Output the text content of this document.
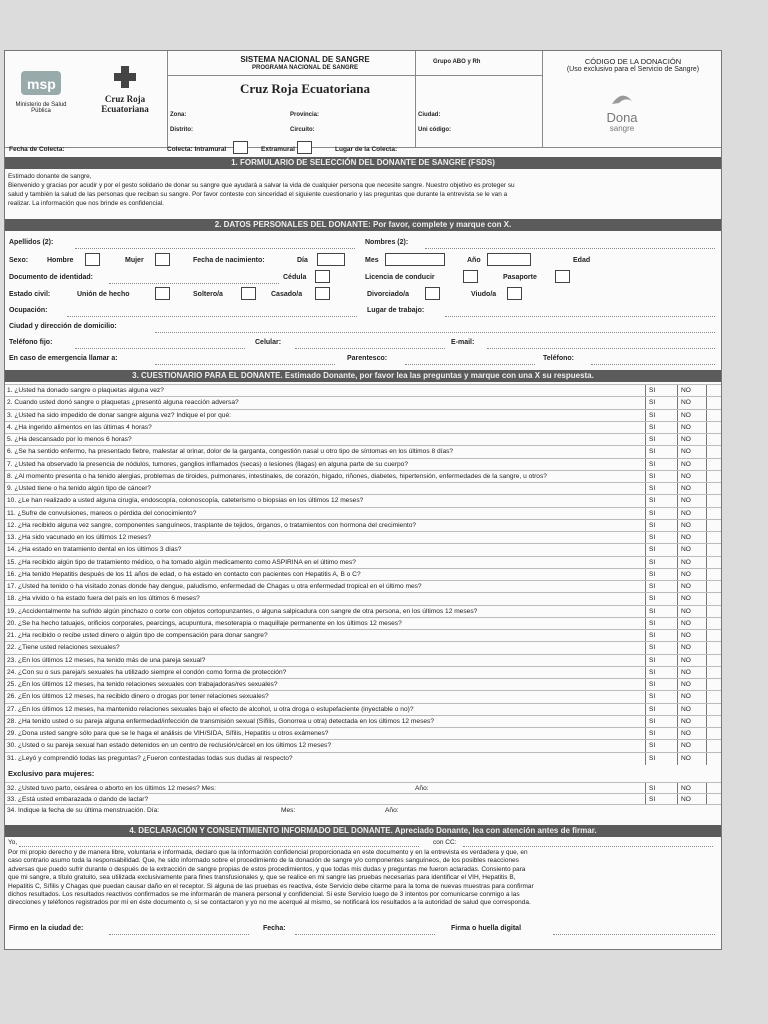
msp
Ministerio de Salud Pública
Cruz Roja Ecuatoriana
SISTEMA NACIONAL DE SANGRE
PROGRAMA NACIONAL DE SANGRE
Grupo ABO y Rh
Cruz Roja Ecuatoriana
CÓDIGO DE LA DONACIÓN
(Uso exclusivo para el Servicio de Sangre)
Dona
sangre
Zona:	Provincia:	Ciudad:
Distrito:	Circuito:	Uni código:
Fecha de Colecta:	Colecta: Intramural	Extramural	Lugar de la Colecta:
1. FORMULARIO DE SELECCIÓN DEL DONANTE DE SANGRE (FSDS)
Estimado donante de sangre,
Bienvenido y gracias por acudir y por el gesto solidario de donar su sangre que ayudará a salvar la vida de cualquier persona que necesite sangre. Nuestro objetivo es proteger su
salud y también la salud de las personas que reciban su sangre. Por favor conteste con sinceridad el siguiente cuestionario y las preguntas que durante la entrevista se le van a
realizar. La información que nos brinde es confidencial.
2. DATOS PERSONALES DEL DONANTE: Por favor, complete y marque con X.
Apellidos (2):	Nombres (2):
Sexo:	Hombre	Mujer	Fecha de nacimiento:	Día	Mes	Año	Edad
Documento de identidad:	Cédula	Licencia de conducir	Pasaporte
Estado civil:	Unión de hecho	Soltero/a	Casado/a	Divorciado/a	Viudo/a
Ocupación:	Lugar de trabajo:
Ciudad y dirección de domicilio:
Teléfono fijo:	Celular:	E-mail:
En caso de emergencia llamar a:	Parentesco:	Teléfono:
3. CUESTIONARIO PARA EL DONANTE. Estimado Donante, por favor lea las preguntas y marque con una X su respuesta.
1. ¿Usted ha donado sangre o plaquetas alguna vez?	SI	NO
2. Cuando usted donó sangre o plaquetas ¿presentó alguna reacción adversa?	SI	NO
3. ¿Usted ha sido impedido de donar sangre alguna vez? Indique el por qué:	SI	NO
4. ¿Ha ingerido alimentos en las últimas 4 horas?	SI	NO
5. ¿Ha descansado por lo menos 6 horas?	SI	NO
6. ¿Se ha sentido enfermo, ha presentado fiebre, malestar al orinar, dolor de la garganta, congestión nasal u otro tipo de síntomas en los últimos 8 días?	SI	NO
7. ¿Usted ha observado la presencia de nódulos, tumores, ganglios inflamados (secas) o lesiones (llagas) en alguna parte de su cuerpo?	SI	NO
8. ¿Al momento presenta o ha tenido alergias, problemas de tiroides, pulmonares, intestinales, de corazón, hígado, riñones, diabetes, hipertensión, enfermedades de la sangre, u otros?	SI	NO
9. ¿Usted tiene o ha tenido algún tipo de cáncer?	SI	NO
10. ¿Le han realizado a usted alguna cirugía, endoscopía, colonoscopía, cateterismo o biopsias en los últimos 12 meses?	SI	NO
11. ¿Sufre de convulsiones, mareos o pérdida del conocimiento?	SI	NO
12. ¿Ha recibido alguna vez sangre, componentes sanguíneos, trasplante de tejidos, órganos, o tratamientos con hormona del crecimiento?	SI	NO
13. ¿Ha sido vacunado en los últimos 12 meses?	SI	NO
14. ¿Ha estado en tratamiento dental en los últimos 3 días?	SI	NO
15. ¿Ha recibido algún tipo de tratamiento médico, o ha tomado algún medicamento como ASPIRINA en el último mes?	SI	NO
16. ¿Ha tenido Hepatitis después de los 11 años de edad, o ha estado en contacto con pacientes con Hepatitis A, B o C?	SI	NO
17. ¿Usted ha tenido o ha visitado zonas donde hay dengue, paludismo, enfermedad de Chagas u otra enfermedad tropical en el último mes?	SI	NO
18. ¿Ha vivido o ha estado fuera del país en los últimos 6 meses?	SI	NO
19. ¿Accidentalmente ha sufrido algún pinchazo o corte con objetos cortopunzantes, o alguna salpicadura con sangre de otra persona, en los últimos 12 meses?	SI	NO
20. ¿Se ha hecho tatuajes, orificios corporales, pearcings, acupuntura, mesoterapia o maquillaje permanente en los últimos 12 meses?	SI	NO
21. ¿Ha recibido o recibe usted dinero o algún tipo de compensación para donar sangre?	SI	NO
22. ¿Tiene usted relaciones sexuales?	SI	NO
23. ¿En los últimos 12 meses, ha tenido más de una pareja sexual?	SI	NO
24. ¿Con su o sus pareja/s sexuales ha utilizado siempre el condón como forma de protección?	SI	NO
25. ¿En los últimos 12 meses, ha tenido relaciones sexuales con trabajadoras/res sexuales?	SI	NO
26. ¿En los últimos 12 meses, ha recibido dinero o drogas por tener relaciones sexuales?	SI	NO
27. ¿En los últimos 12 meses, ha mantenido relaciones sexuales bajo el efecto de alcohol, u otra droga o estupefaciente (inyectable o no)?	SI	NO
28. ¿Ha tenido usted o su pareja alguna enfermedad/infección de transmisión sexual (Sífilis, Gonorrea u otra) detectada en los últimos 12 meses?	SI	NO
29. ¿Dona usted sangre sólo para que se le haga el análisis de VIH/SIDA, Sífilis, Hepatitis u otros exámenes?	SI	NO
30. ¿Usted o su pareja sexual han estado detenidos en un centro de reclusión/cárcel en los últimos 12 meses?	SI	NO
31. ¿Leyó y comprendió todas las preguntas? ¿Fueron contestadas todas sus dudas al respecto?	SI	NO
Exclusivo para mujeres:
32. ¿Usted tuvo parto, cesárea o aborto en los últimos 12 meses? Mes:	Año:	SI	NO
33. ¿Está usted embarazada o dando de lactar?	SI	NO
34. Indique la fecha de su última menstruación. Día:	Mes:	Año:
4. DECLARACIÓN Y CONSENTIMIENTO INFORMADO DEL DONANTE. Apreciado Donante, lea con atención antes de firmar.
Yo,	con CC:
Por mi propio derecho y de manera libre, voluntaria e informada, declaro que la información confidencial proporcionada en este documento y en la entrevista es verdadera y que, en
caso contrario asumo toda la responsabilidad. Que, he sido informado sobre el procedimiento de la donación de sangre y/o componentes sanguíneos, de los posibles reacciones
adversas que puedo sufrir durante o después de la extracción de sangre propias de estos procedimientos, y que todas mis dudas y preguntas me fueron aclaradas. Consiento para
que mi sangre, a título gratuito, sea utilizada exclusivamente para fines transfusionales y, que se realice en mi sangre las pruebas necesarias para identificar el VIH, Hepatitis B,
Hepatitis C, Sífilis y Chagas que puedan causar daño en el receptor. Si alguna de las pruebas es reactiva, éste Servicio debe citarme para la toma de nuevas muestras para confirmar
dichos resultados. Los resultados reactivos confirmados se me informarán de manera personal y confidencial. Si este Servicio luego de 3 intentos por comunicarse conmigo a las
direcciones y teléfonos registrados por mí en éste documento o, si se contactaron y yo no me acerqué al mismo, se notificará los resultados a la autoridad de salud que corresponda.
Firmo en la ciudad de:	Fecha:	Firma o huella digital
